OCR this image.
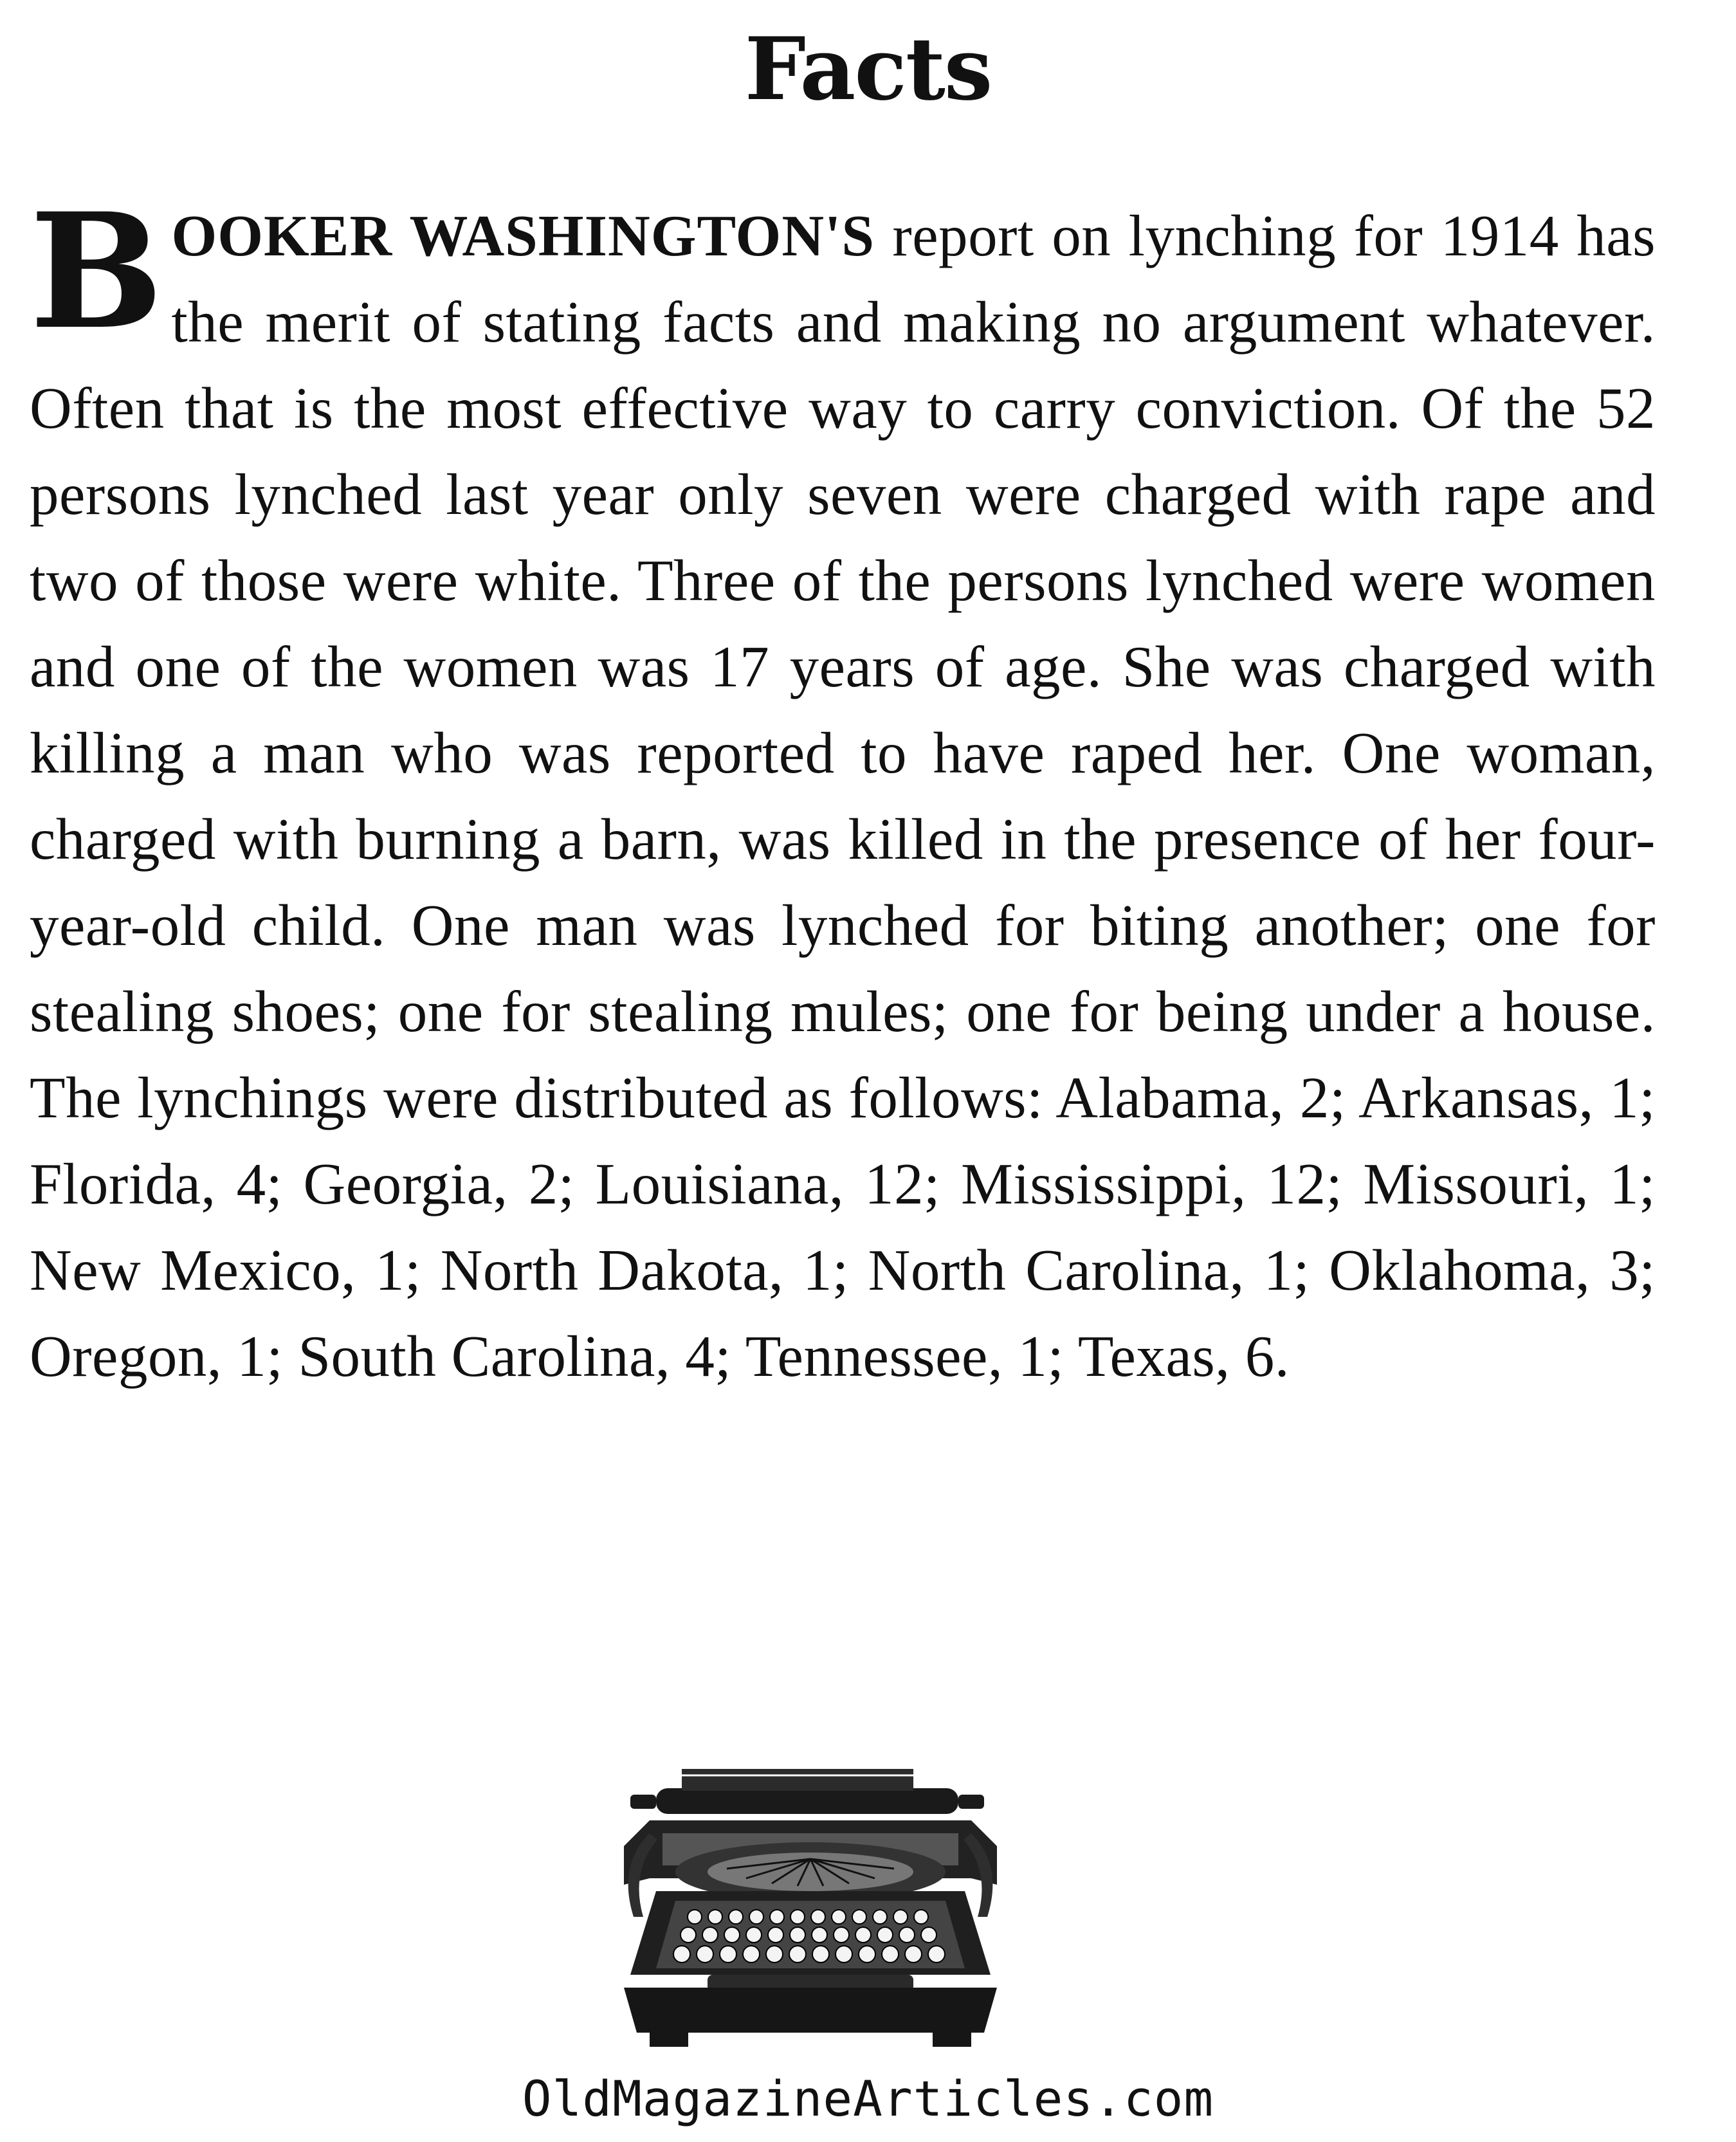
Facts

BOOKER WASHINGTON'S report on lynching for 1914 has the merit of stating facts and making no argument whatever. Often that is the most effective way to carry conviction. Of the 52 persons lynched last year only seven were charged with rape and two of those were white. Three of the persons lynched were women and one of the women was 17 years of age. She was charged with killing a man who was reported to have raped her. One woman, charged with burning a barn, was killed in the presence of her four-year-old child. One man was lynched for biting another; one for stealing shoes; one for stealing mules; one for being under a house. The lynchings were distributed as follows: Alabama, 2; Arkansas, 1; Florida, 4; Georgia, 2; Louisiana, 12; Mississippi, 12; Missouri, 1; New Mexico, 1; North Dakota, 1; North Carolina, 1; Oklahoma, 3; Oregon, 1; South Carolina, 4; Tennessee, 1; Texas, 6.

OldMagazineArticles.com
